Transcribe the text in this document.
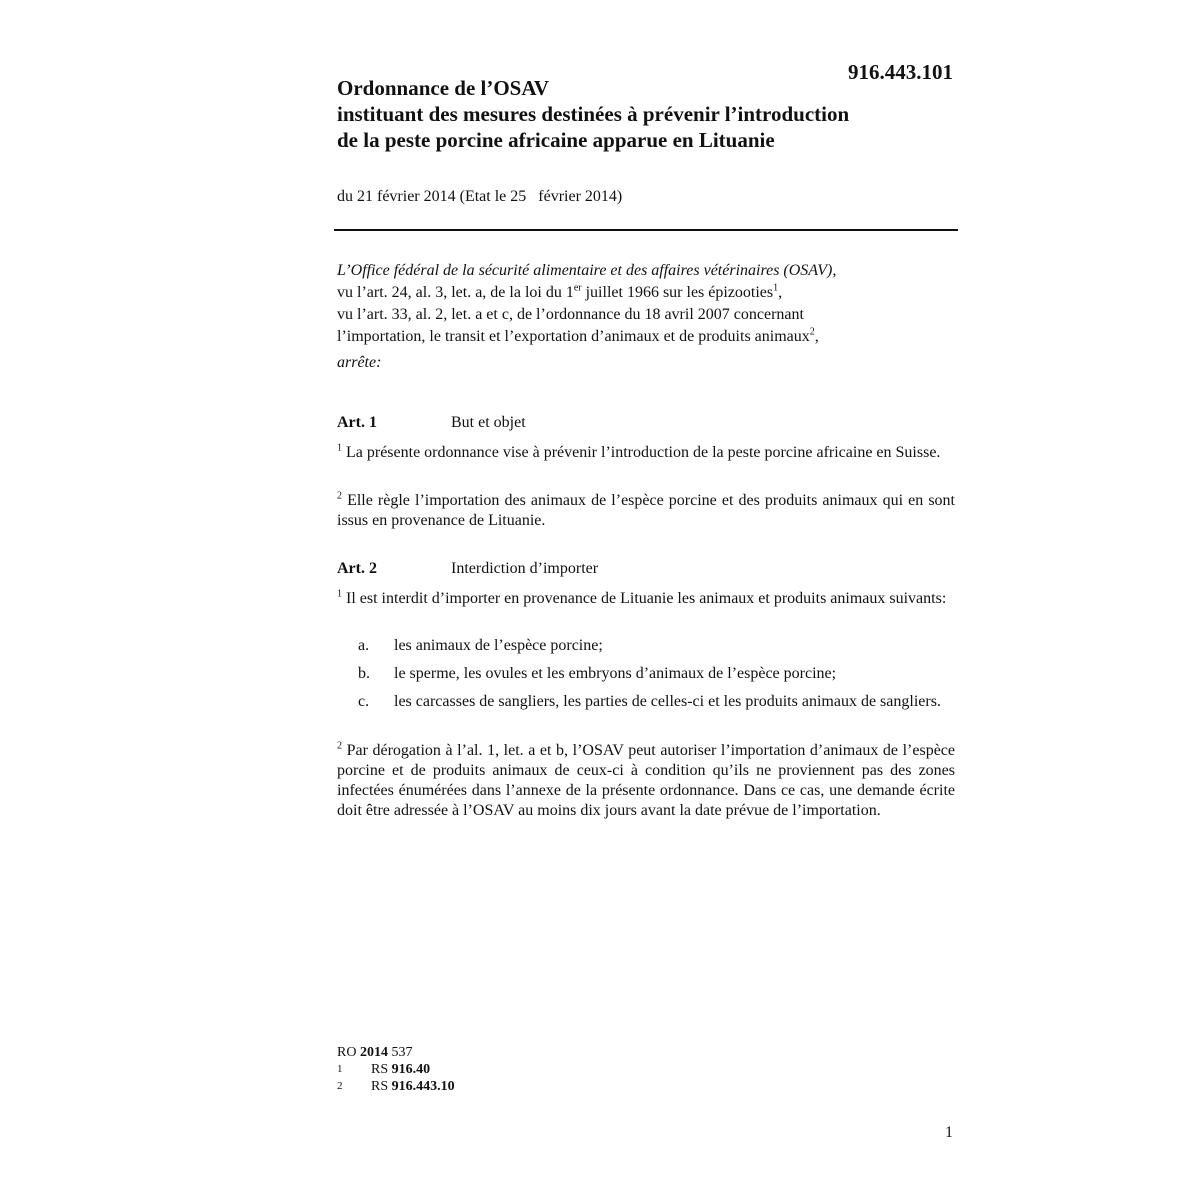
916.443.101
Ordonnance de l’OSAV
instituant des mesures destinées à prévenir l’introduction
de la peste porcine africaine apparue en Lituanie
du 21 février 2014 (Etat le 25   février 2014)
L’Office fédéral de la sécurité alimentaire et des affaires vétérinaires (OSAV),
vu l’art. 24, al. 3, let. a, de la loi du 1er juillet 1966 sur les épizooties$^1$,
vu l’art. 33, al. 2, let. a et c, de l’ordonnance du 18 avril 2007 concernant
l’importation, le transit et l’exportation d’animaux et de produits animaux$^2$,
arrête:
Art. 1	But et objet
$^1$ La présente ordonnance vise à prévenir l’introduction de la peste porcine africaine en Suisse.
$^2$ Elle règle l’importation des animaux de l’espèce porcine et des produits animaux qui en sont issus en provenance de Lituanie.
Art. 2	Interdiction d’importer
$^1$ Il est interdit d’importer en provenance de Lituanie les animaux et produits animaux suivants:
a. les animaux de l’espèce porcine;
b. le sperme, les ovules et les embryons d’animaux de l’espèce porcine;
c. les carcasses de sangliers, les parties de celles-ci et les produits animaux de sangliers.
$^2$ Par dérogation à l’al. 1, let. a et b, l’OSAV peut autoriser l’importation d’animaux de l’espèce porcine et de produits animaux de ceux-ci à condition qu’ils ne proviennent pas des zones infectées énumérées dans l’annexe de la présente ordonnance. Dans ce cas, une demande écrite doit être adressée à l’OSAV au moins dix jours avant la date prévue de l’importation.
RO 2014 537
1 RS 916.40
2 RS 916.443.10
1
